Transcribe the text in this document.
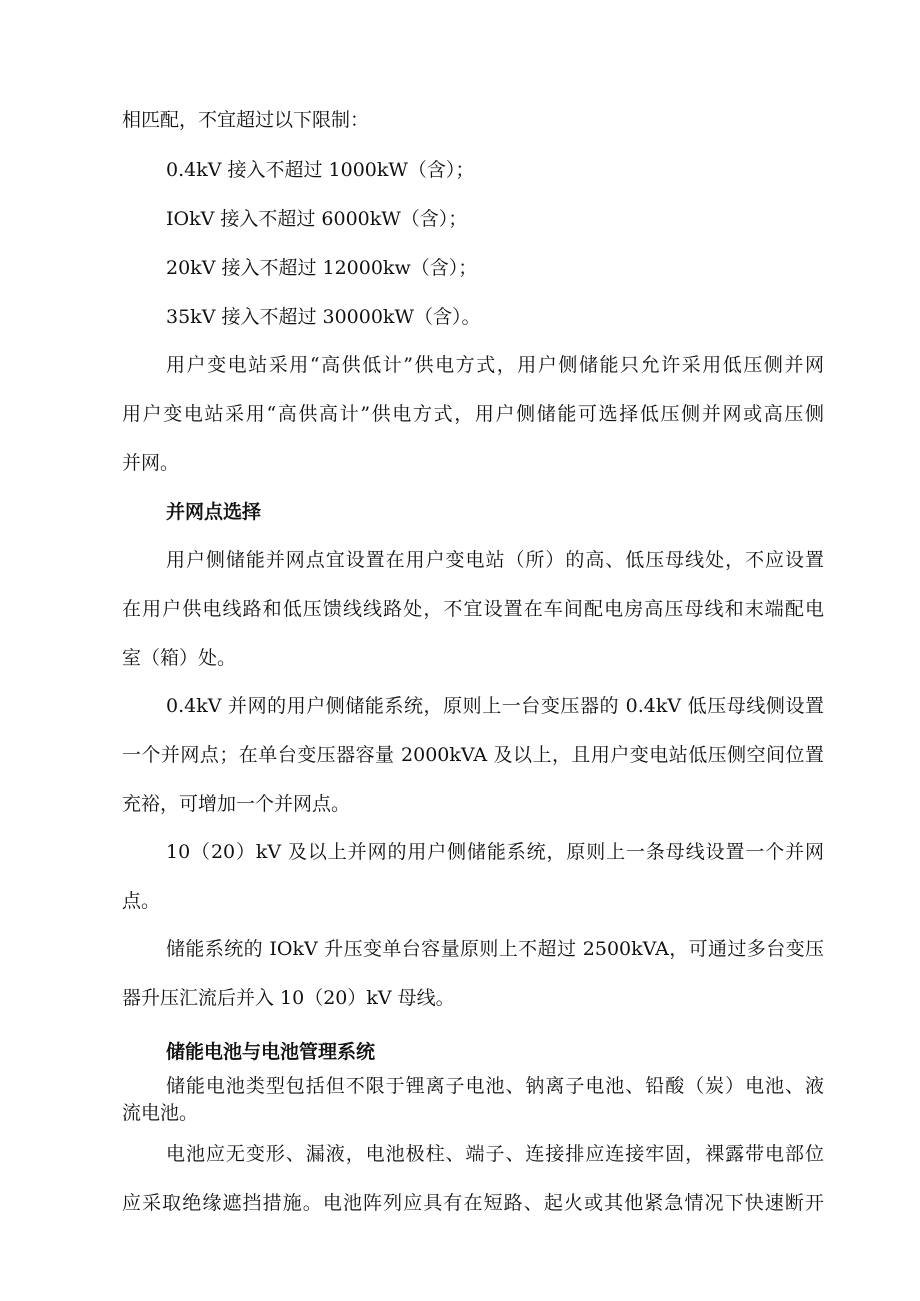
相匹配，不宜超过以下限制：

0.4kV 接入不超过 1000kW（含）；

IOkV 接入不超过 6000kW（含）；

20kV 接入不超过 12000kw（含）；

35kV 接入不超过 30000kW（含）。

用户变电站采用“高供低计”供电方式，用户侧储能只允许采用低压侧并网

用户变电站采用“高供高计”供电方式，用户侧储能可选择低压侧并网或高压侧

并网。

并网点选择

用户侧储能并网点宜设置在用户变电站（所）的高、低压母线处，不应设置

在用户供电线路和低压馈线线路处，不宜设置在车间配电房高压母线和末端配电

室（箱）处。

0.4kV 并网的用户侧储能系统，原则上一台变压器的 0.4kV 低压母线侧设置

一个并网点；在单台变压器容量 2000kVA 及以上，且用户变电站低压侧空间位置

充裕，可增加一个并网点。

10（20）kV 及以上并网的用户侧储能系统，原则上一条母线设置一个并网

点。

储能系统的 IOkV 升压变单台容量原则上不超过 2500kVA，可通过多台变压

器升压汇流后并入 10（20）kV 母线。

储能电池与电池管理系统

储能电池类型包括但不限于锂离子电池、钠离子电池、铅酸（炭）电池、液

流电池。

电池应无变形、漏液，电池极柱、端子、连接排应连接牢固，裸露带电部位

应采取绝缘遮挡措施。电池阵列应具有在短路、起火或其他紧急情况下快速断开
